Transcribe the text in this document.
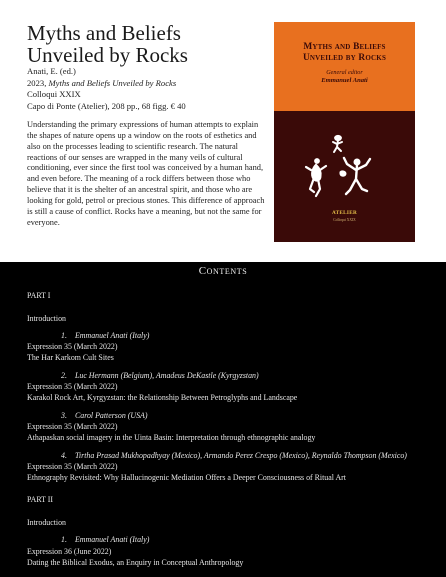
Myths and Beliefs
Unveiled by Rocks
Anati, E. (ed.)
2023, Myths and Beliefs Unveiled by Rocks
Colloqui XXIX
Capo di Ponte (Atelier), 208 pp., 68 figg. € 40
Understanding the primary expressions of human attempts to explain the shapes of nature opens up a window on the roots of esthetics and also on the processes leading to scientific research. The natural reactions of our senses are wrapped in the many veils of cultural conditioning, ever since the first tool was conceived by a human hand, and even before. The meaning of a rock differs between those who believe that it is the shelter of an ancestral spirit, and those who are looking for gold, petrol or precious stones. This difference of approach is still a cause of conflict. Rocks have a meaning, but not the same for everyone.
Myths and Beliefs
Unveiled by Rocks
General editor
Emmanuel Anati
ATELIER
Colloqui XXIX
Contents
PART I
Introduction
1. Emmanuel Anati (Italy)
Expression 35 (March 2022)
The Har Karkom Cult Sites
2. Luc Hermann (Belgium), Amadeus DeKastle (Kyrgyzstan)
Expression 35 (March 2022)
Karakol Rock Art, Kyrgyzstan: the Relationship Between Petroglyphs and Landscape
3. Carol Patterson (USA)
Expression 35 (March 2022)
Athapaskan social imagery in the Uinta Basin: Interpretation through ethnographic analogy
4. Tirtha Prasad Mukhopadhyay (Mexico), Armando Perez Crespo (Mexico), Reynaldo Thompson (Mexico)
Expression 35 (March 2022)
Ethnography Revisited: Why Hallucinogenic Mediation Offers a Deeper Consciousness of Ritual Art
PART II
Introduction
1. Emmanuel Anati (Italy)
Expression 36 (June 2022)
Dating the Biblical Exodus, an Enquiry in Conceptual Anthropology
